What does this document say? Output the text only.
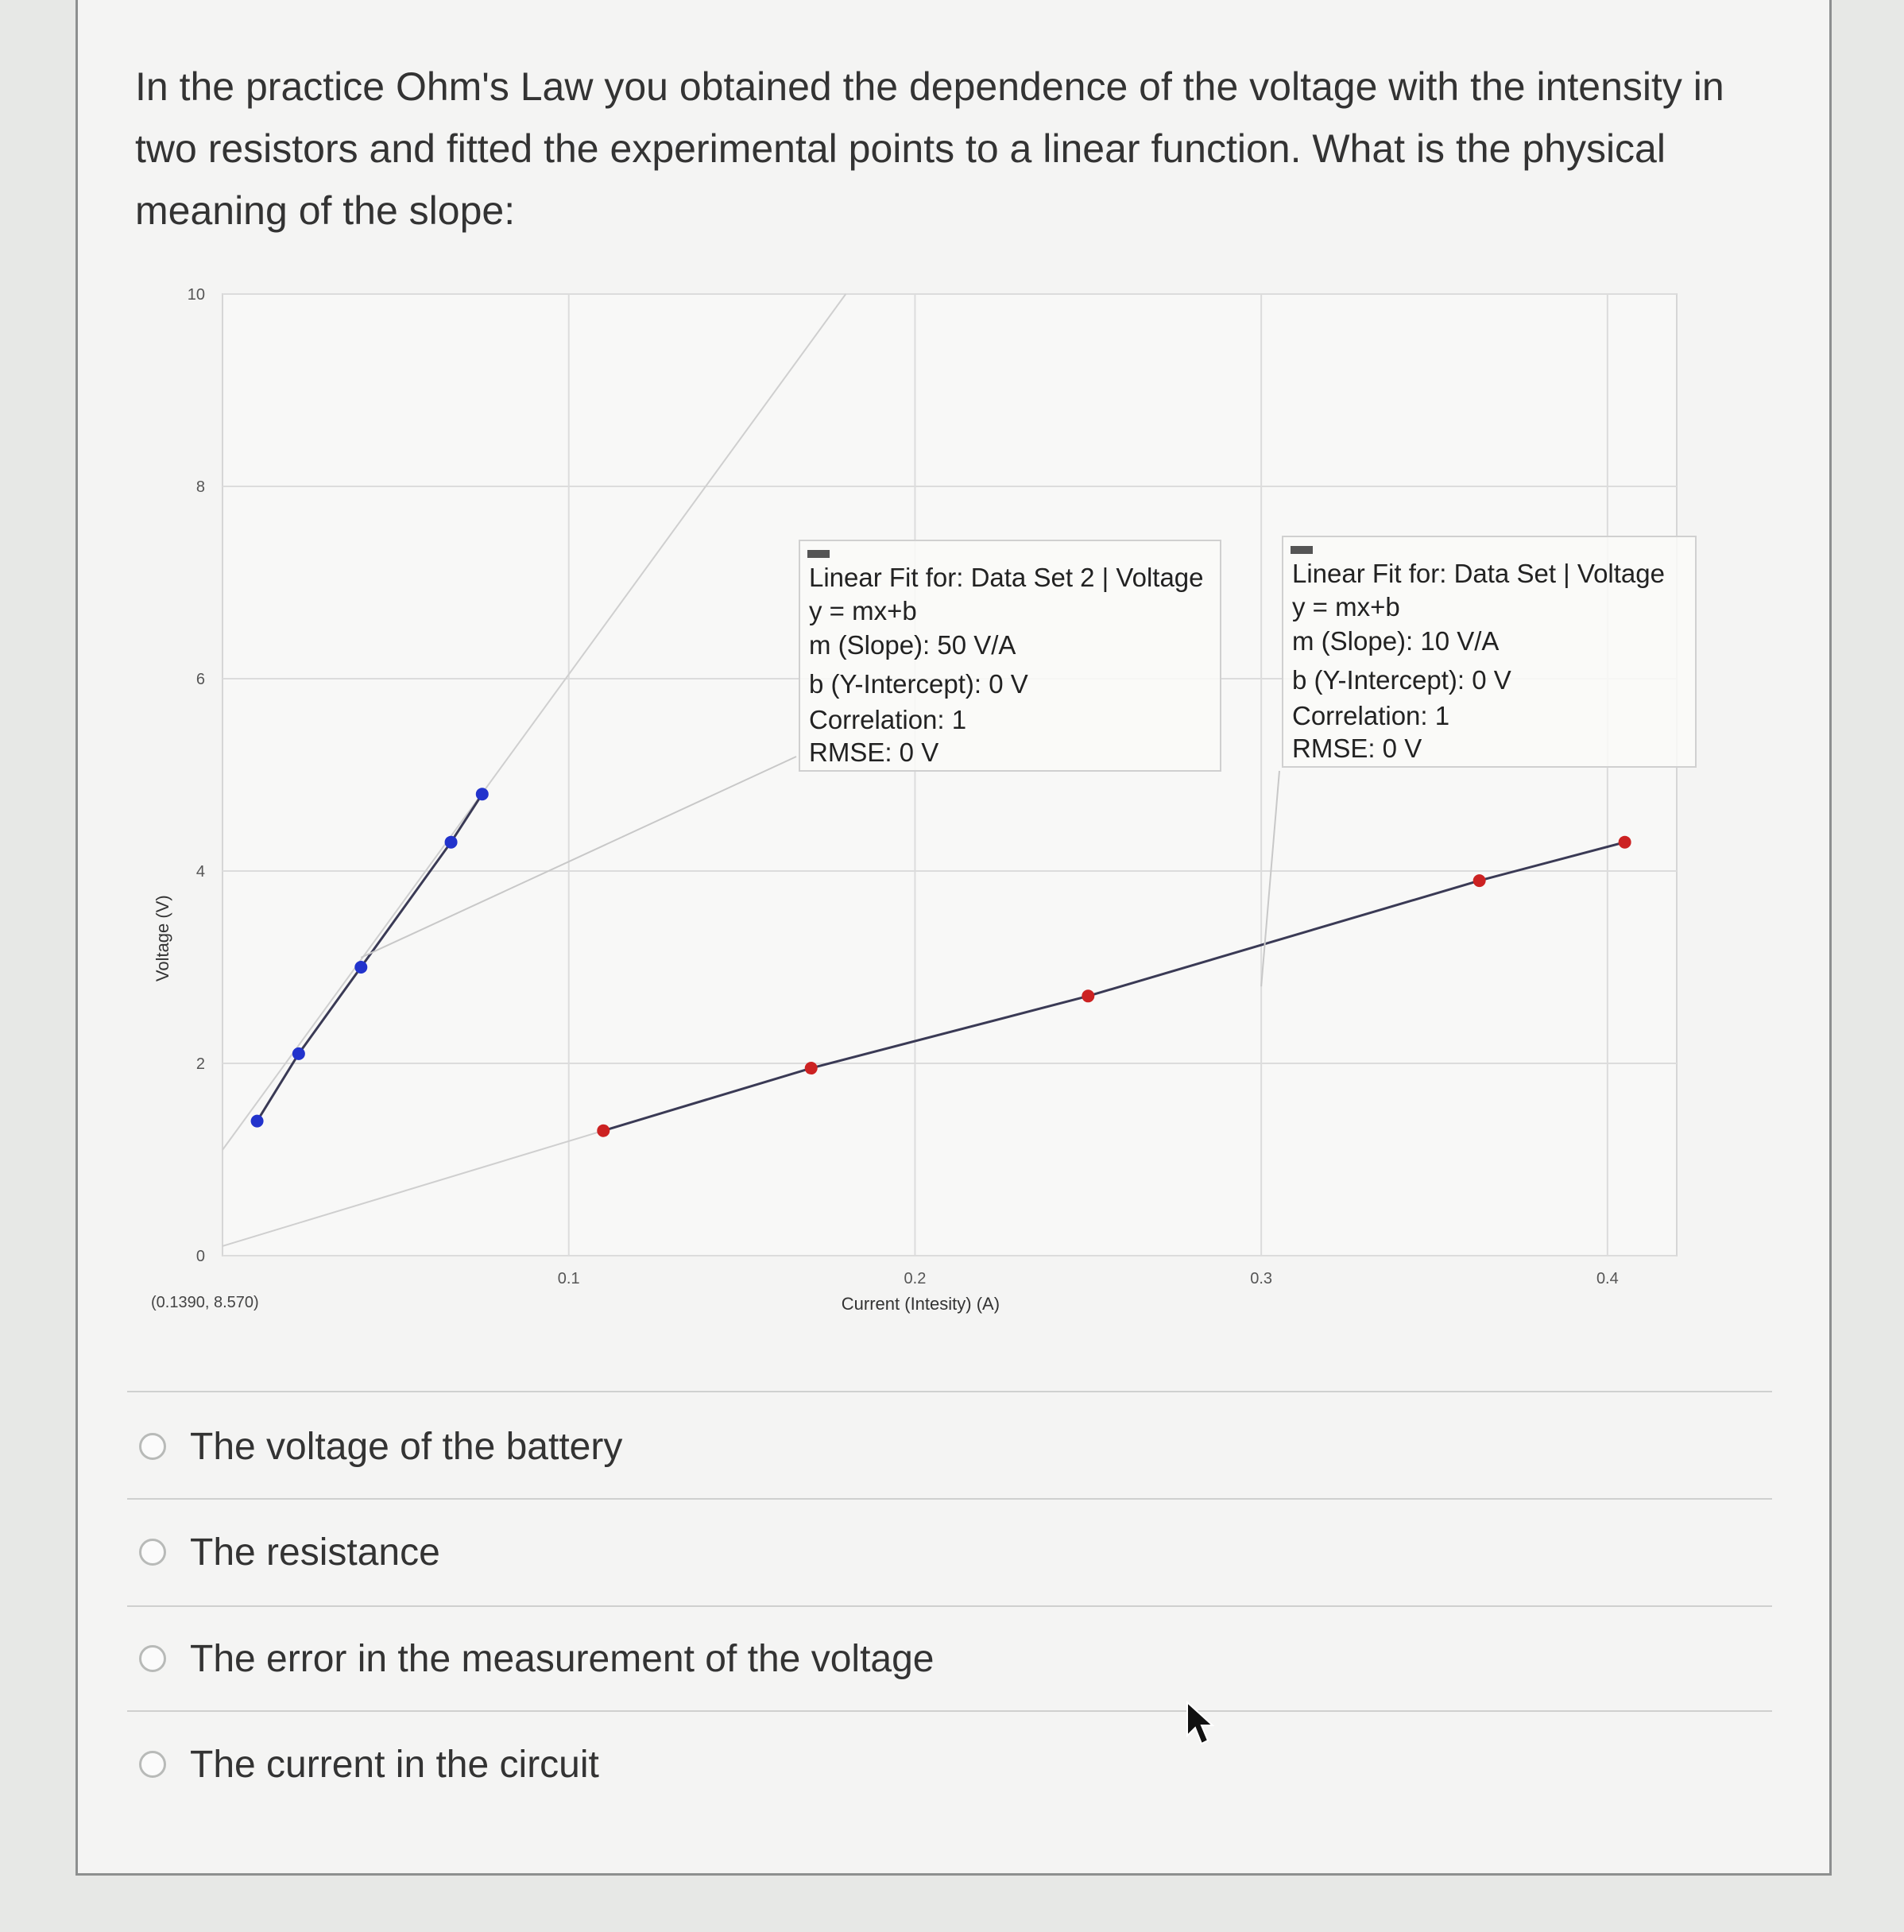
In the practice Ohm's Law you obtained the dependence of the voltage with the intensity in two resistors and fitted the experimental points to a linear function. What is the physical meaning of the slope:
0.1	0.2	0.3	0.4
0
2
4
6
8
10
Current (Intesity) (A)
Voltage (V)
(0.1390, 8.570)
Linear Fit for: Data Set 2 | Voltage
y = mx+b
m (Slope): 50 V/A
b (Y-Intercept): 0 V
Correlation: 1
RMSE: 0 V
Linear Fit for: Data Set | Voltage
y = mx+b
m (Slope): 10 V/A
b (Y-Intercept): 0 V
Correlation: 1
RMSE: 0 V
The voltage of the battery
The resistance
The error in the measurement of the voltage
The current in the circuit
